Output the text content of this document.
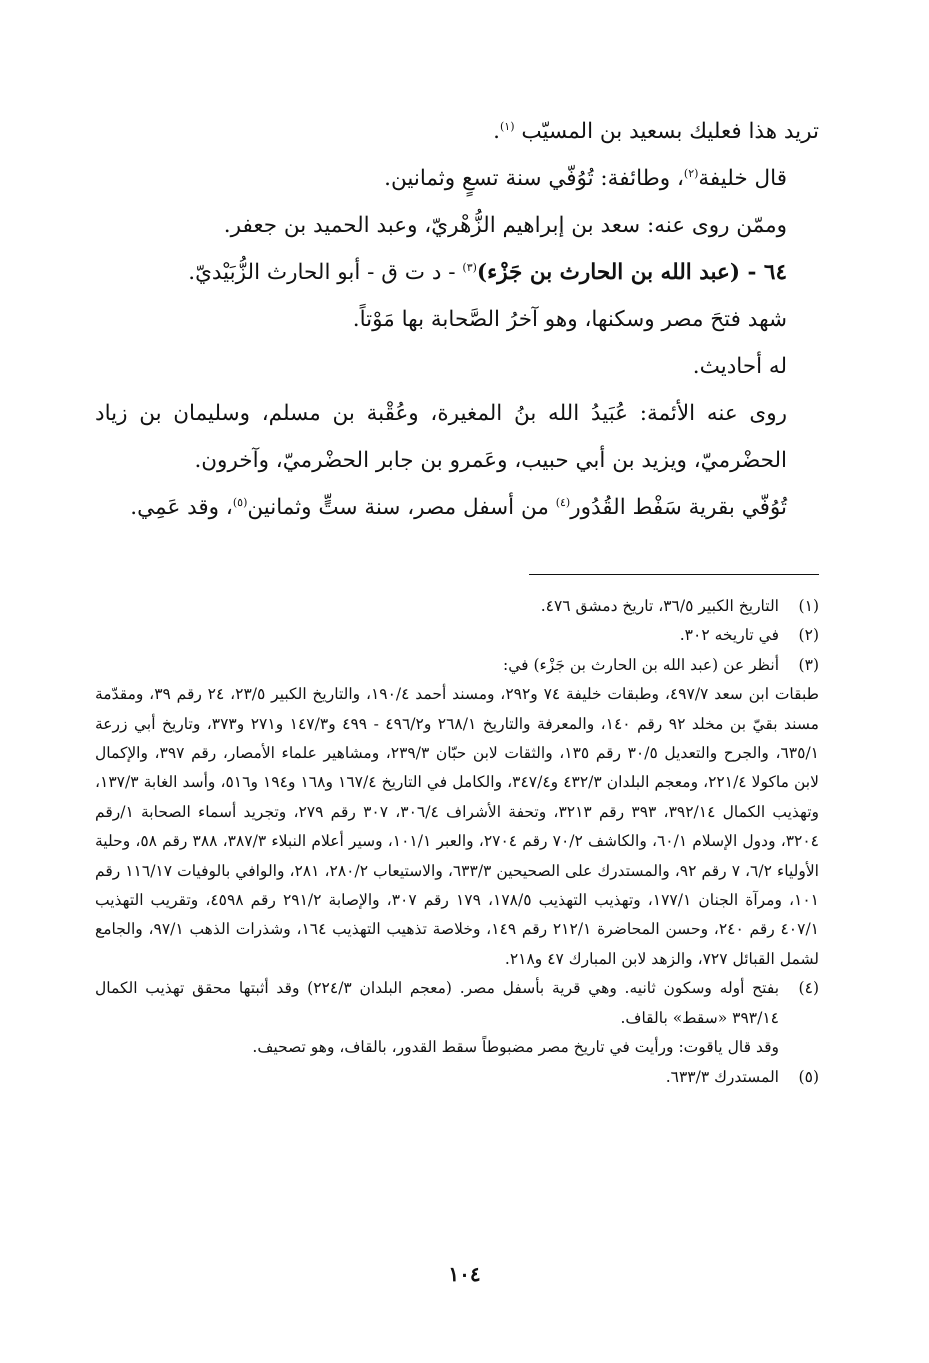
تريد هذا فعليك بسعيد بن المسيّب $^{(١)}$.

قال خليفة$^{(٢)}$، وطائفة: تُوُفّي سنة تسعٍ وثمانين.

وممّن روى عنه: سعد بن إبراهيم الزُّهْريّ، وعبد الحميد بن جعفر.

٦٤ - (عبد الله بن الحارث بن جَزْء)$^{(٣)}$ - د ت ق - أبو الحارث الزُّبَيْديّ.

شهد فتحَ مصر وسكنها، وهو آخرُ الصَّحابة بها مَوْتاً.

له أحاديث.

روى عنه الأئمة: عُبَيدُ الله بنُ المغيرة، وعُقْبة بن مسلم، وسليمان بن زياد الحضْرميّ، ويزيد بن أبي حبيب، وعَمرو بن جابر الحضْرميّ، وآخرون.

تُوُفّي بقرية سَفْط القُدُور$^{(٤)}$ من أسفل مصر، سنة ستٍّ وثمانين$^{(٥)}$، وقد عَمِي.

(١)
التاريخ الكبير ٣٦/٥، تاريخ دمشق ٤٧٦.
(٢)
في تاريخه ٣٠٢.
(٣)
أنظر عن (عبد الله بن الحارث بن جَزْء) في:

طبقات ابن سعد ٤٩٧/٧، وطبقات خليفة ٧٤ و٢٩٢، ومسند أحمد ١٩٠/٤، والتاريخ الكبير ٢٣/٥، ٢٤ رقم ٣٩، ومقدّمة مسند بقيّ بن مخلد ٩٢ رقم ١٤٠، والمعرفة والتاريخ ٢٦٨/١ و٤٩٦/٢ - ٤٩٩ و١٤٧/٣ و٢٧١ و٣٧٣، وتاريخ أبي زرعة ٦٣٥/١، والجرح والتعديل ٣٠/٥ رقم ١٣٥، والثقات لابن حبّان ٢٣٩/٣، ومشاهير علماء الأمصار، رقم ٣٩٧، والإكمال لابن ماكولا ٢٢١/٤، ومعجم البلدان ٤٣٢/٣ و٣٤٧/٤، والكامل في التاريخ ١٦٧/٤ و١٦٨ و١٩٤ و٥١٦، وأسد الغابة ١٣٧/٣، وتهذيب الكمال ٣٩٢/١٤، ٣٩٣ رقم ٣٢١٣، وتحفة الأشراف ٣٠٦/٤، ٣٠٧ رقم ٢٧٩، وتجريد أسماء الصحابة ١/رقم ٣٢٠٤، ودول الإسلام ٦٠/١، والكاشف ٧٠/٢ رقم ٢٧٠٤، والعبر ١٠١/١، وسير أعلام النبلاء ٣٨٧/٣، ٣٨٨ رقم ٥٨، وحلية الأولياء ٦/٢، ٧ رقم ٩٢، والمستدرك على الصحيحين ٦٣٣/٣، والاستيعاب ٢٨٠/٢، ٢٨١، والوافي بالوفيات ١١٦/١٧ رقم ١٠١، ومرآة الجنان ١٧٧/١، وتهذيب التهذيب ١٧٨/٥، ١٧٩ رقم ٣٠٧، والإصابة ٢٩١/٢ رقم ٤٥٩٨، وتقريب التهذيب ٤٠٧/١ رقم ٢٤٠، وحسن المحاضرة ٢١٢/١ رقم ١٤٩، وخلاصة تذهيب التهذيب ١٦٤، وشذرات الذهب ٩٧/١، والجامع لشمل القبائل ٧٢٧، والزهد لابن المبارك ٤٧ و٢١٨.

(٤)
بفتح أوله وسكون ثانيه. وهي قرية بأسفل مصر. (معجم البلدان ٢٢٤/٣) وقد أثبتها محقق تهذيب الكمال ٣٩٣/١٤ «سقط» بالقاف.

وقد قال ياقوت: ورأيت في تاريخ مصر مضبوطاً سقط القدور، بالقاف، وهو تصحيف.

(٥)
المستدرك ٦٣٣/٣.
١٠٤
